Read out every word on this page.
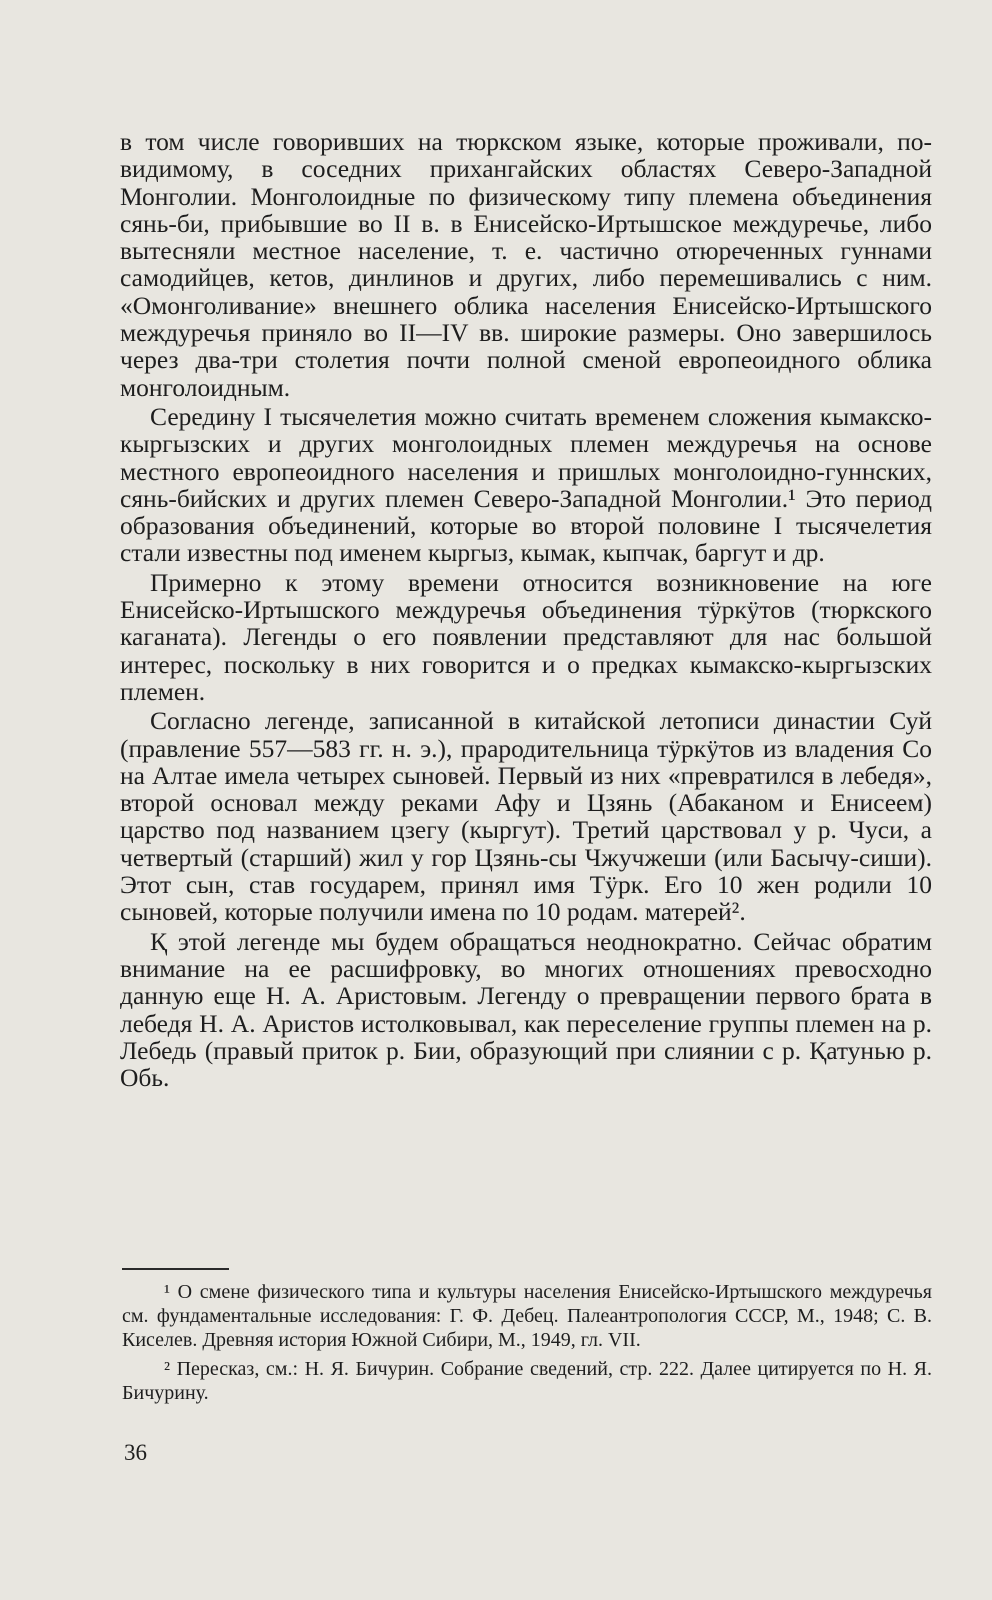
в том числе говоривших на тюркском языке, которые проживали, по-видимому, в соседних прихангайских областях Северо-Западной Монголии. Монголоидные по физическому типу племена объединения сянь-би, прибывшие во II в. в Енисейско-Иртышское междуречье, либо вытесняли местное население, т. е. частично отюреченных гуннами самодийцев, кетов, динлинов и других, либо перемешивались с ним. «Омонголивание» внешнего облика населения Енисейско-Иртышского междуречья приняло во II—IV вв. широкие размеры. Оно завершилось через два-три столетия почти полной сменой европеоидного облика монголоидным.

Середину I тысячелетия можно считать временем сложения кымакско-кыргызских и других монголоидных племен междуречья на основе местного европеоидного населения и пришлых монголоидно-гуннских, сянь-бийских и других племен Северо-Западной Монголии.¹ Это период образования объединений, которые во второй половине I тысячелетия стали известны под именем кыргыз, кымак, кыпчак, баргут и др.

Примерно к этому времени относится возникновение на юге Енисейско-Иртышского междуречья объединения тӱркӱтов (тюркского каганата). Легенды о его появлении представляют для нас большой интерес, поскольку в них говорится и о предках кымакско-кыргызских племен.

Согласно легенде, записанной в китайской летописи династии Суй (правление 557—583 гг. н. э.), прародительница тӱркӱтов из владения Со на Алтае имела четырех сыновей. Первый из них «превратился в лебедя», второй основал между реками Афу и Цзянь (Абаканом и Енисеем) царство под названием цзегу (кыргут). Третий царствовал у р. Чуси, а четвертый (старший) жил у гор Цзянь-сы Чжучжеши (или Басычу-сиши). Этот сын, став государем, принял имя Тӱрк. Его 10 жен родили 10 сыновей, которые получили имена по 10 родам. матерей².

Қ этой легенде мы будем обращаться неоднократно. Сейчас обратим внимание на ее расшифровку, во многих отношениях превосходно данную еще Н. А. Аристовым. Легенду о превращении первого брата в лебедя Н. А. Аристов истолковывал, как переселение группы племен на р. Лебедь (правый приток р. Бии, образующий при слиянии с р. Қатунью р. Обь.

¹ О смене физического типа и культуры населения Енисейско-Иртышского междуречья см. фундаментальные исследования: Г. Ф. Дебец. Палеантропология СССР, М., 1948; С. В. Киселев. Древняя история Южной Сибири, М., 1949, гл. VII.

² Пересказ, см.: Н. Я. Бичурин. Собрание сведений, стр. 222. Далее цитируется по Н. Я. Бичурину.

36
